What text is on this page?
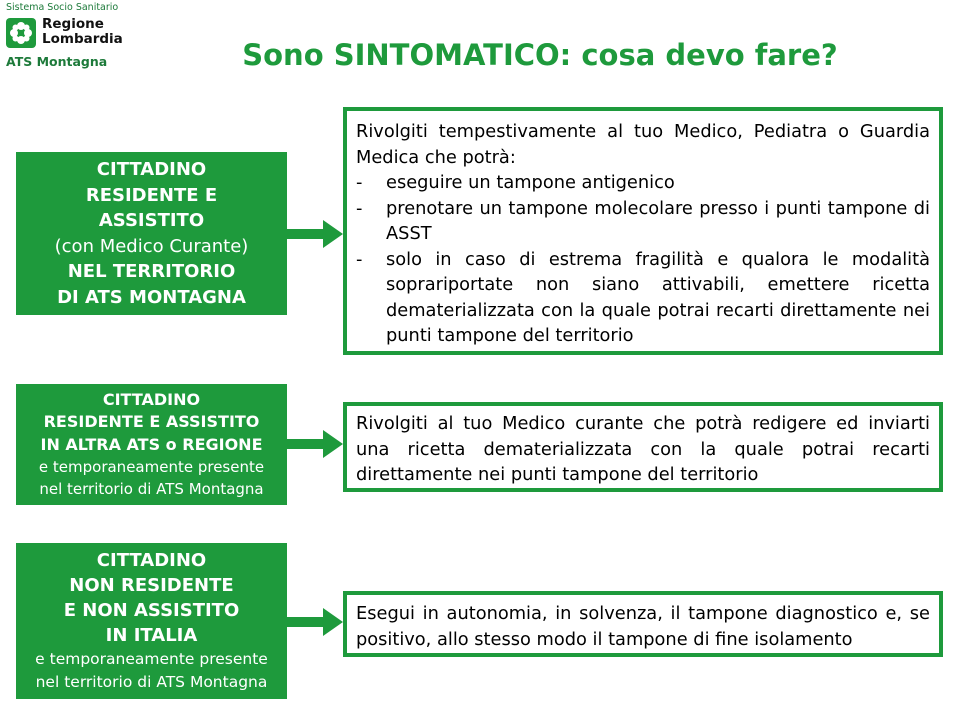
Sistema Socio Sanitario
Regione
Lombardia
ATS Montagna	Sono SINTOMATICO: cosa devo fare?
CITTADINO
RESIDENTE E
ASSISTITO
(con Medico Curante)
NEL TERRITORIO
DI ATS MONTAGNA
Rivolgiti tempestivamente al tuo Medico, Pediatra o Guardia Medica che potrà:
-	eseguire un tampone antigenico
-	prenotare un tampone molecolare presso i punti tampone di ASST
-	solo in caso di estrema fragilità e qualora le modalità soprariportate non siano attivabili, emettere ricetta dematerializzata con la quale potrai recarti direttamente nei punti tampone del territorio
CITTADINO
RESIDENTE E ASSISTITO
IN ALTRA ATS o REGIONE
e temporaneamente presente
nel territorio di ATS Montagna
Rivolgiti al tuo Medico curante che potrà redigere ed inviarti una ricetta dematerializzata con la quale potrai recarti direttamente nei punti tampone del territorio
CITTADINO
NON RESIDENTE
E NON ASSISTITO
IN ITALIA
e temporaneamente presente
nel territorio di ATS Montagna
Esegui in autonomia, in solvenza, il tampone diagnostico e, se positivo, allo stesso modo il tampone di fine isolamento
